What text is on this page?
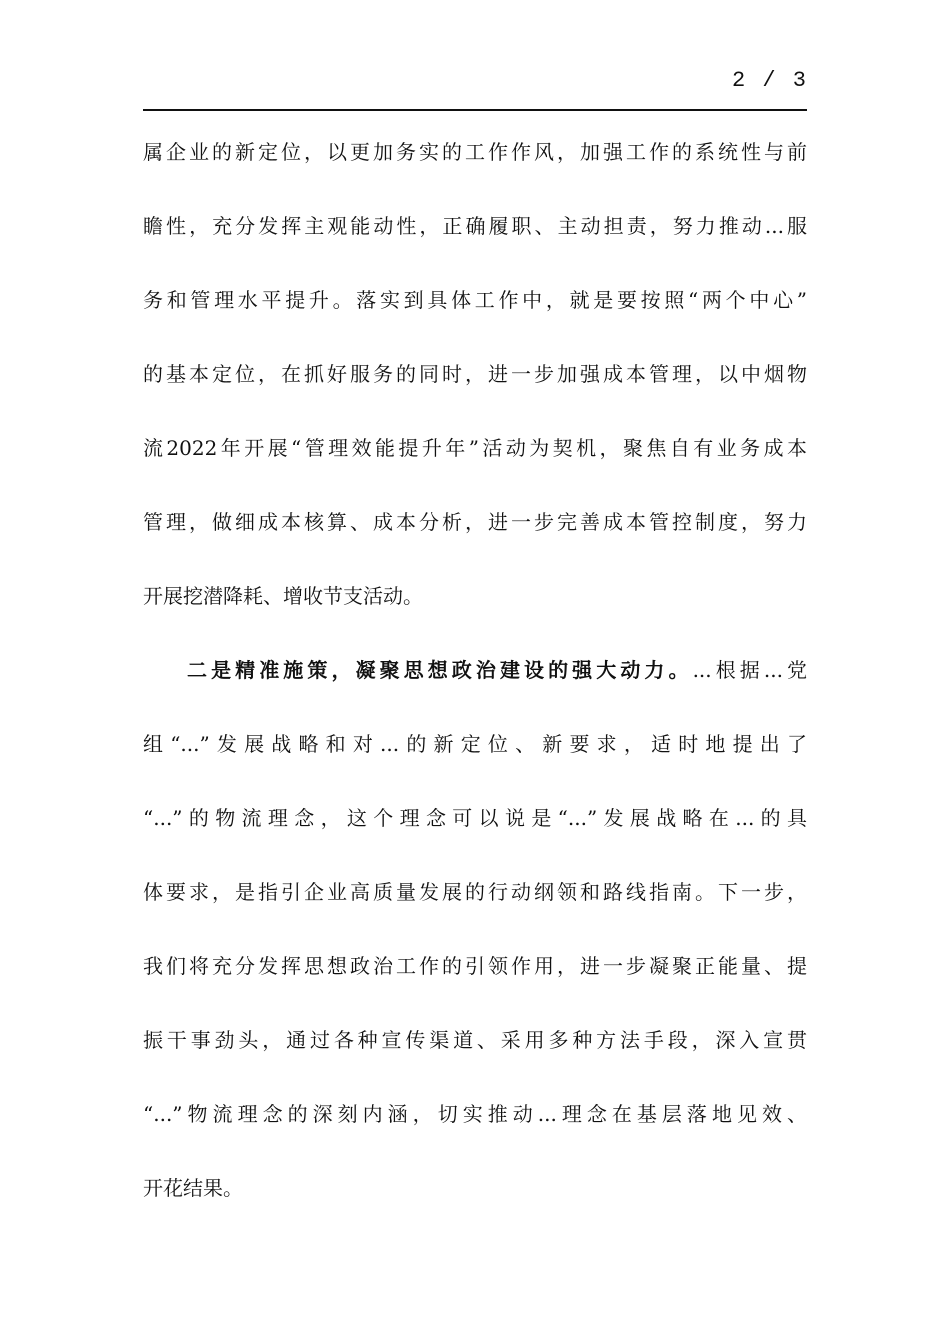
2 / 3
属企业的新定位，以更加务实的工作作风，加强工作的系统性与前
瞻性，充分发挥主观能动性，正确履职、主动担责，努力推动...服
务和管理水平提升。落实到具体工作中，就是要按照“两个中心”
的基本定位，在抓好服务的同时，进一步加强成本管理，以中烟物
流2022年开展“管理效能提升年”活动为契机，聚焦自有业务成本
管理，做细成本核算、成本分析，进一步完善成本管控制度，努力
开展挖潜降耗、增收节支活动。
二是精准施策，凝聚思想政治建设的强大动力。...根据...党
组“...”发展战略和对...的新定位、新要求，适时地提出了
“...”的物流理念，这个理念可以说是“...”发展战略在...的具
体要求，是指引企业高质量发展的行动纲领和路线指南。下一步，
我们将充分发挥思想政治工作的引领作用，进一步凝聚正能量、提
振干事劲头，通过各种宣传渠道、采用多种方法手段，深入宣贯
“...”物流理念的深刻内涵，切实推动...理念在基层落地见效、
开花结果。
